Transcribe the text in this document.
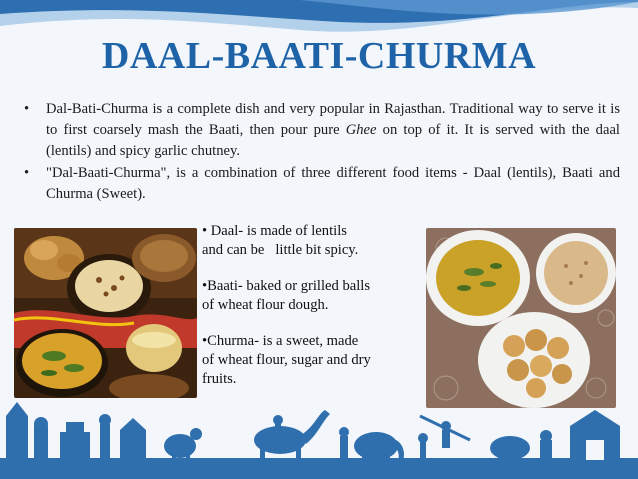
DAAL-BAATI-CHURMA
• Dal-Bati-Churma is a complete dish and very popular in Rajasthan. Traditional way to serve it is to first coarsely mash the Baati, then pour pure Ghee on top of it. It is served with the daal (lentils) and spicy garlic chutney.
• "Dal-Baati-Churma", is a combination of three different food items - Daal (lentils), Baati and Churma (Sweet).

• Daal- is made of lentils
and can be   little bit spicy.

•Baati- baked or grilled balls
of wheat flour dough.

•Churma- is a sweet, made
of wheat flour, sugar and dry
fruits.
